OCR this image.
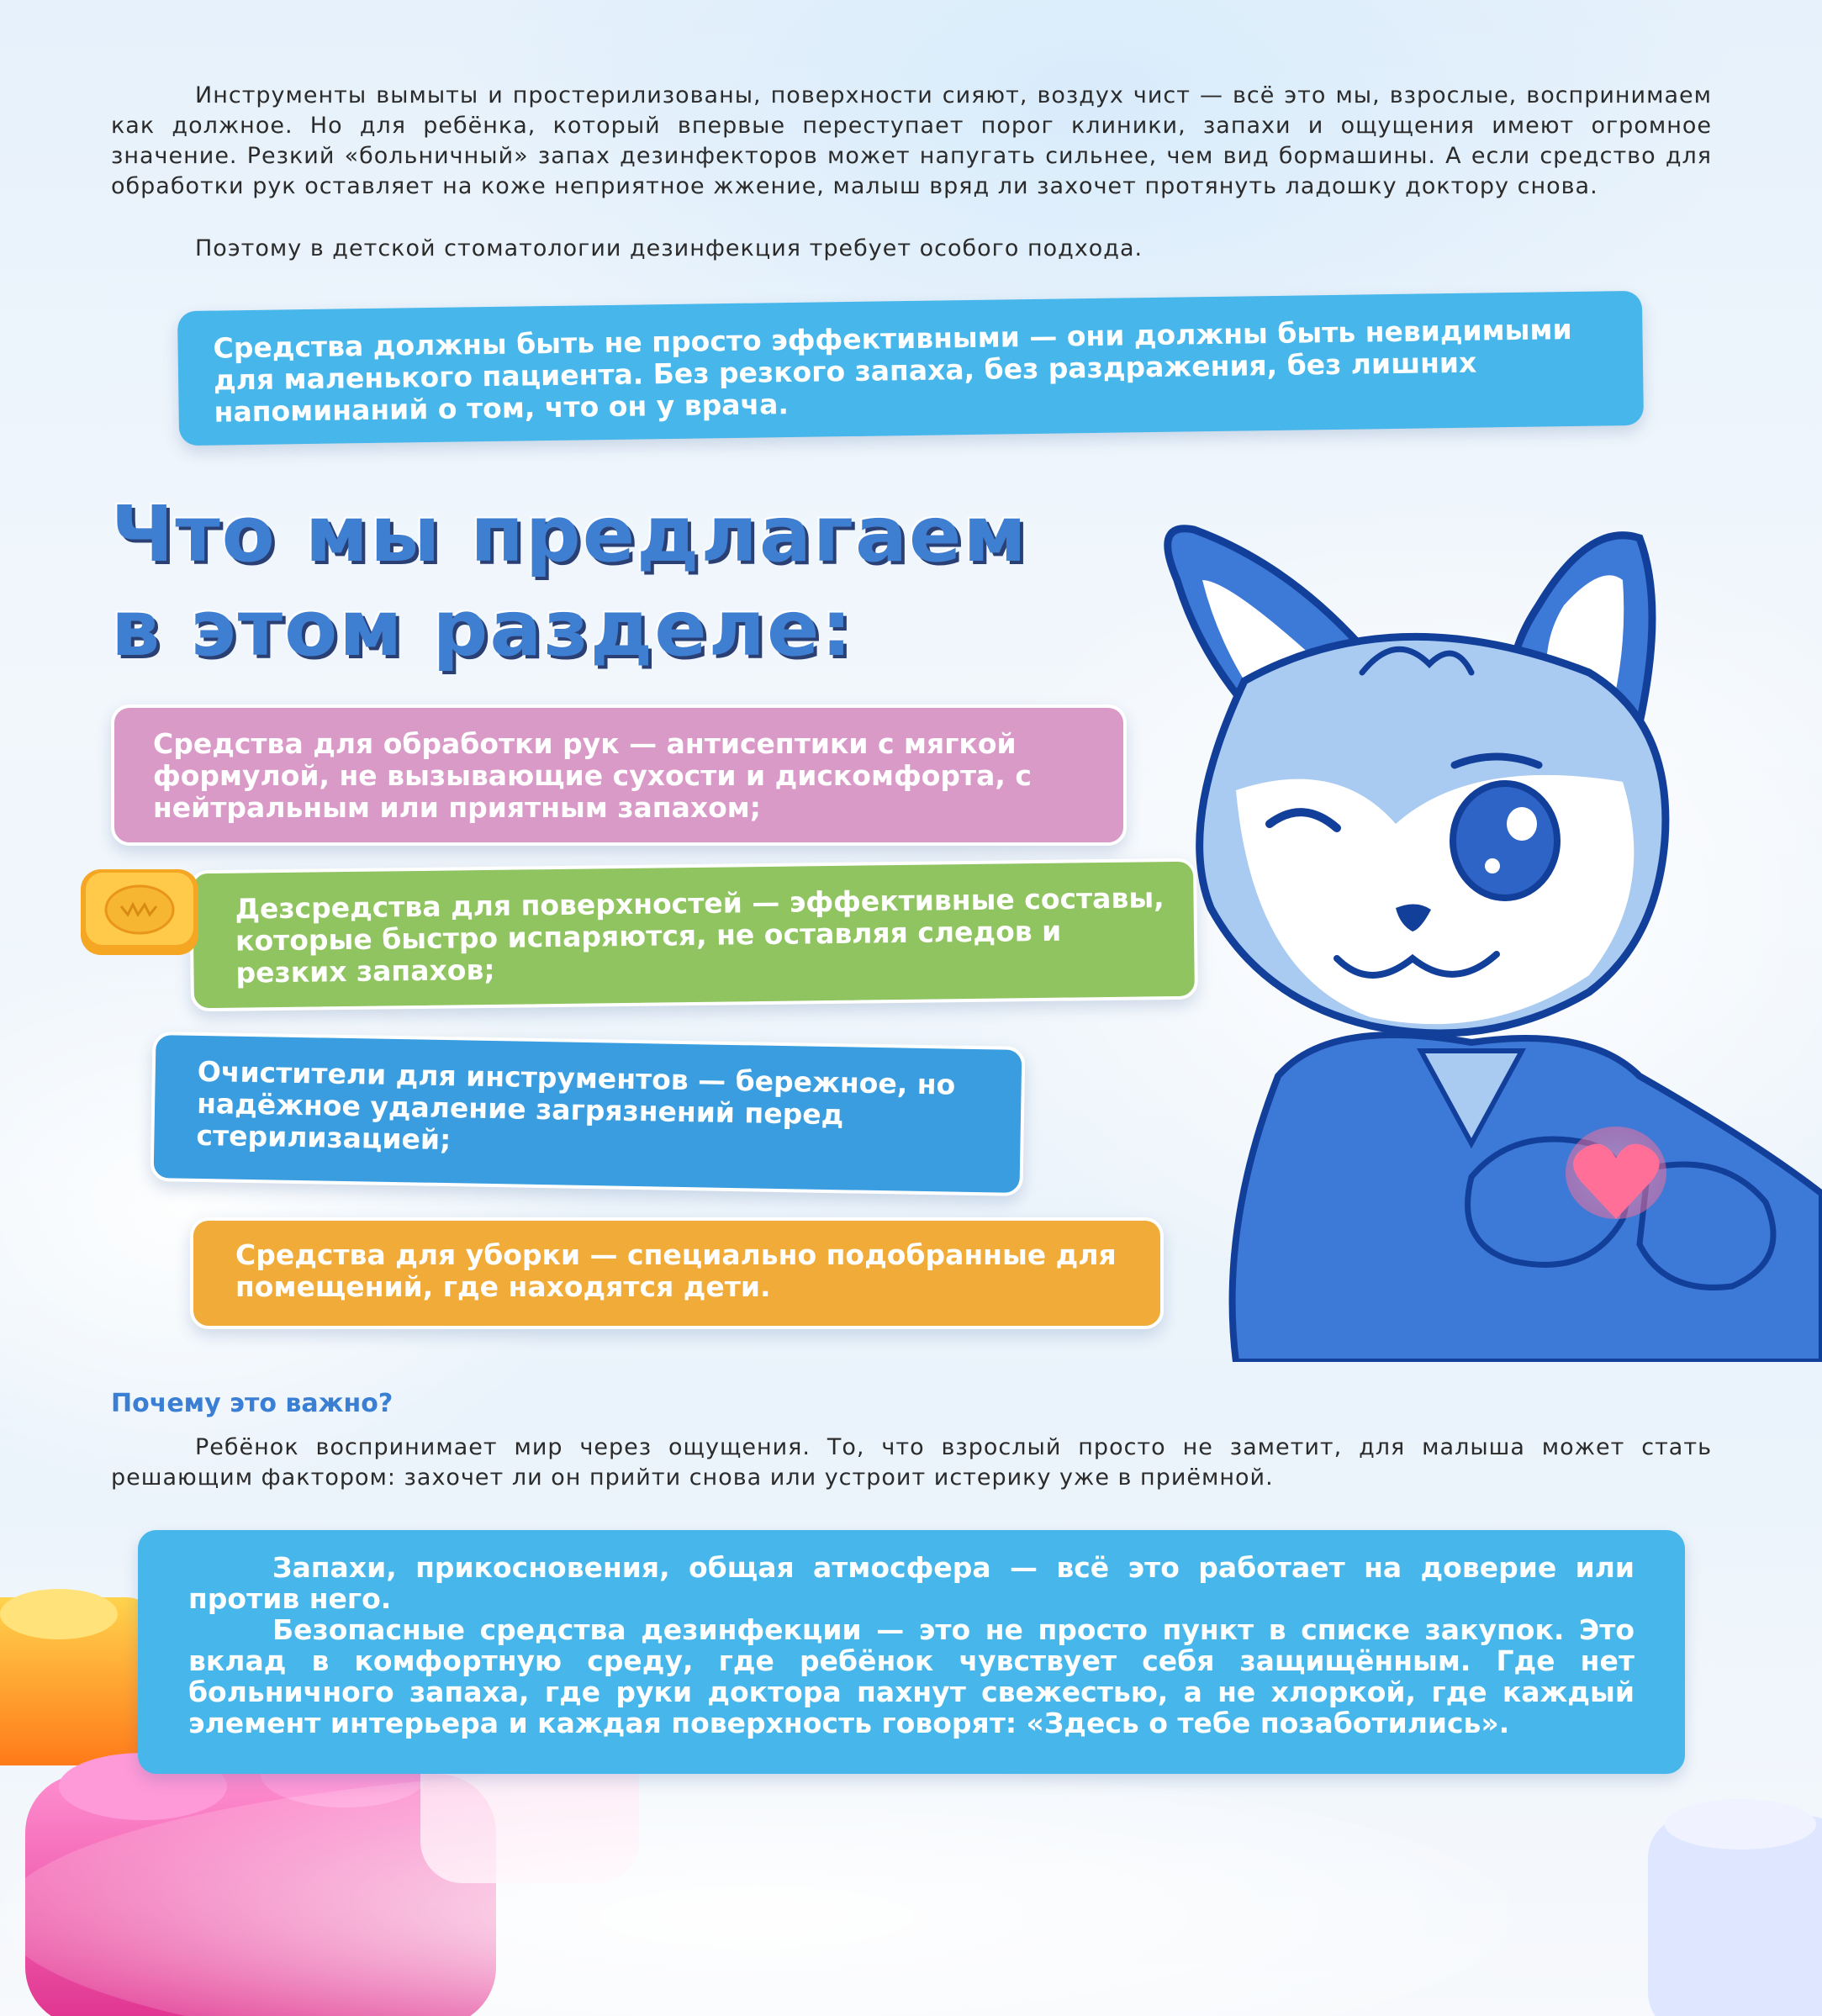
Инструменты вымыты и простерилизованы, поверхности сияют, воздух чист — всё это мы, взрослые, воспринимаем как должное. Но для ребёнка, который впервые переступает порог клиники, запахи и ощущения имеют огромное значение. Резкий «больничный» запах дезинфекторов может напугать сильнее, чем вид бормашины. А если средство для обработки рук оставляет на коже неприятное жжение, малыш вряд ли захочет протянуть ладошку доктору снова.

Поэтому в детской стоматологии дезинфекция требует особого подхода.

Средства должны быть не просто эффективными — они должны быть невидимыми для маленького пациента. Без резкого запаха, без раздражения, без лишних напоминаний о том, что он у врача.

Что мы предлагаем
в этом разделе:

Средства для обработки рук — антисептики с мягкой формулой, не вызывающие сухости и дискомфорта, с нейтральным или приятным запахом;

Дезсредства для поверхностей — эффективные составы, которые быстро испаряются, не оставляя следов и резких запахов;

Очистители для инструментов — бережное, но надёжное удаление загрязнений перед стерилизацией;

Средства для уборки — специально подобранные для помещений, где находятся дети.

Почему это важно?

Ребёнок воспринимает мир через ощущения. То, что взрослый просто не заметит, для малыша может стать решающим фактором: захочет ли он прийти снова или устроит истерику уже в приёмной.

Запахи, прикосновения, общая атмосфера — всё это работает на доверие или против него.

Безопасные средства дезинфекции — это не просто пункт в списке закупок. Это вклад в комфортную среду, где ребёнок чувствует себя защищённым. Где нет больничного запаха, где руки доктора пахнут свежестью, а не хлоркой, где каждый элемент интерьера и каждая поверхность говорят: «Здесь о тебе позаботились».
